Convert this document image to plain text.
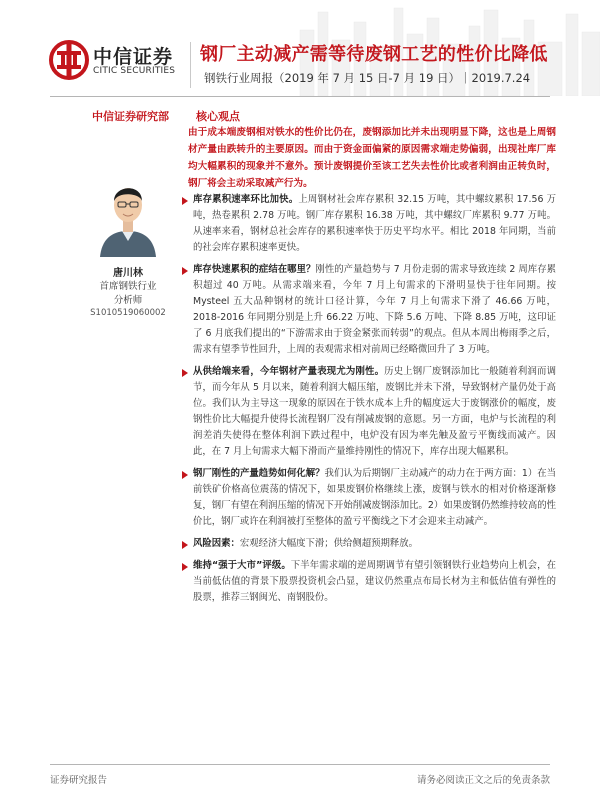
中信证券
CITIC SECURITIES
钢厂主动减产需等待废钢工艺的性价比降低
钢铁行业周报（2019 年 7 月 15 日-7 月 19 日）｜2019.7.24
中信证券研究部
唐川林
首席钢铁行业
分析师
S1010519060002
核心观点

由于成本端废钢相对铁水的性价比仍在，废钢添加比并未出现明显下降，这也是上周钢材产量由跌转升的主要原因。而由于资金面偏紧的原因需求端走势偏弱，出现社库厂库均大幅累积的现象并不意外。预计废钢提价至该工艺失去性价比或者利润由正转负时，钢厂将会主动采取减产行为。

库存累积速率环比加快。上周钢材社会库存累积 32.15 万吨，其中螺纹累积 17.56 万吨，热卷累积 2.78 万吨。钢厂库存累积 16.38 万吨，其中螺纹厂库累积 9.77 万吨。从速率来看，钢材总社会库存的累积速率快于历史平均水平。相比 2018 年同期，当前的社会库存累积速率更快。

库存快速累积的症结在哪里？刚性的产量趋势与 7 月份走弱的需求导致连续 2 周库存累积超过 40 万吨。从需求端来看，今年 7 月上旬需求的下滑明显快于往年同期。按 Mysteel 五大品种钢材的统计口径计算，今年 7 月上旬需求下滑了 46.66 万吨，2018-2016 年同期分别是上升 66.22 万吨、下降 5.6 万吨、下降 8.85 万吨，这印证了 6 月底我们提出的“下游需求由于资金紧张而转弱”的观点。但从本周出梅雨季之后，需求有望季节性回升，上周的表观需求相对前周已经略微回升了 3 万吨。

从供给端来看，今年钢材产量表现尤为刚性。历史上钢厂废钢添加比一般随着利润而调节，而今年从 5 月以来，随着利润大幅压缩，废钢比并未下滑，导致钢材产量仍处于高位。我们认为主导这一现象的原因在于铁水成本上升的幅度远大于废钢涨价的幅度，废钢性价比大幅提升使得长流程钢厂没有削减废钢的意愿。另一方面，电炉与长流程的利润差消失使得在整体利润下跌过程中，电炉没有因为率先触及盈亏平衡线而减产。因此，在 7 月上旬需求大幅下滑而产量维持刚性的情况下，库存出现大幅累积。

钢厂刚性的产量趋势如何化解？我们认为后期钢厂主动减产的动力在于两方面：1）在当前铁矿价格高位震荡的情况下，如果废钢价格继续上涨，废钢与铁水的相对价格逐渐修复，钢厂有望在利润压缩的情况下开始削减废钢添加比。2）如果废钢仍然维持较高的性价比，钢厂或许在利润被打至整体的盈亏平衡线之下才会迎来主动减产。

风险因素：宏观经济大幅度下滑；供给侧超预期释放。

维持“强于大市”评级。下半年需求端的逆周期调节有望引领钢铁行业趋势向上机会，在当前低估值的背景下股票投资机会凸显，建议仍然重点布局长材为主和低估值有弹性的股票，推荐三钢闽光、南钢股份。

证券研究报告	请务必阅读正文之后的免责条款
